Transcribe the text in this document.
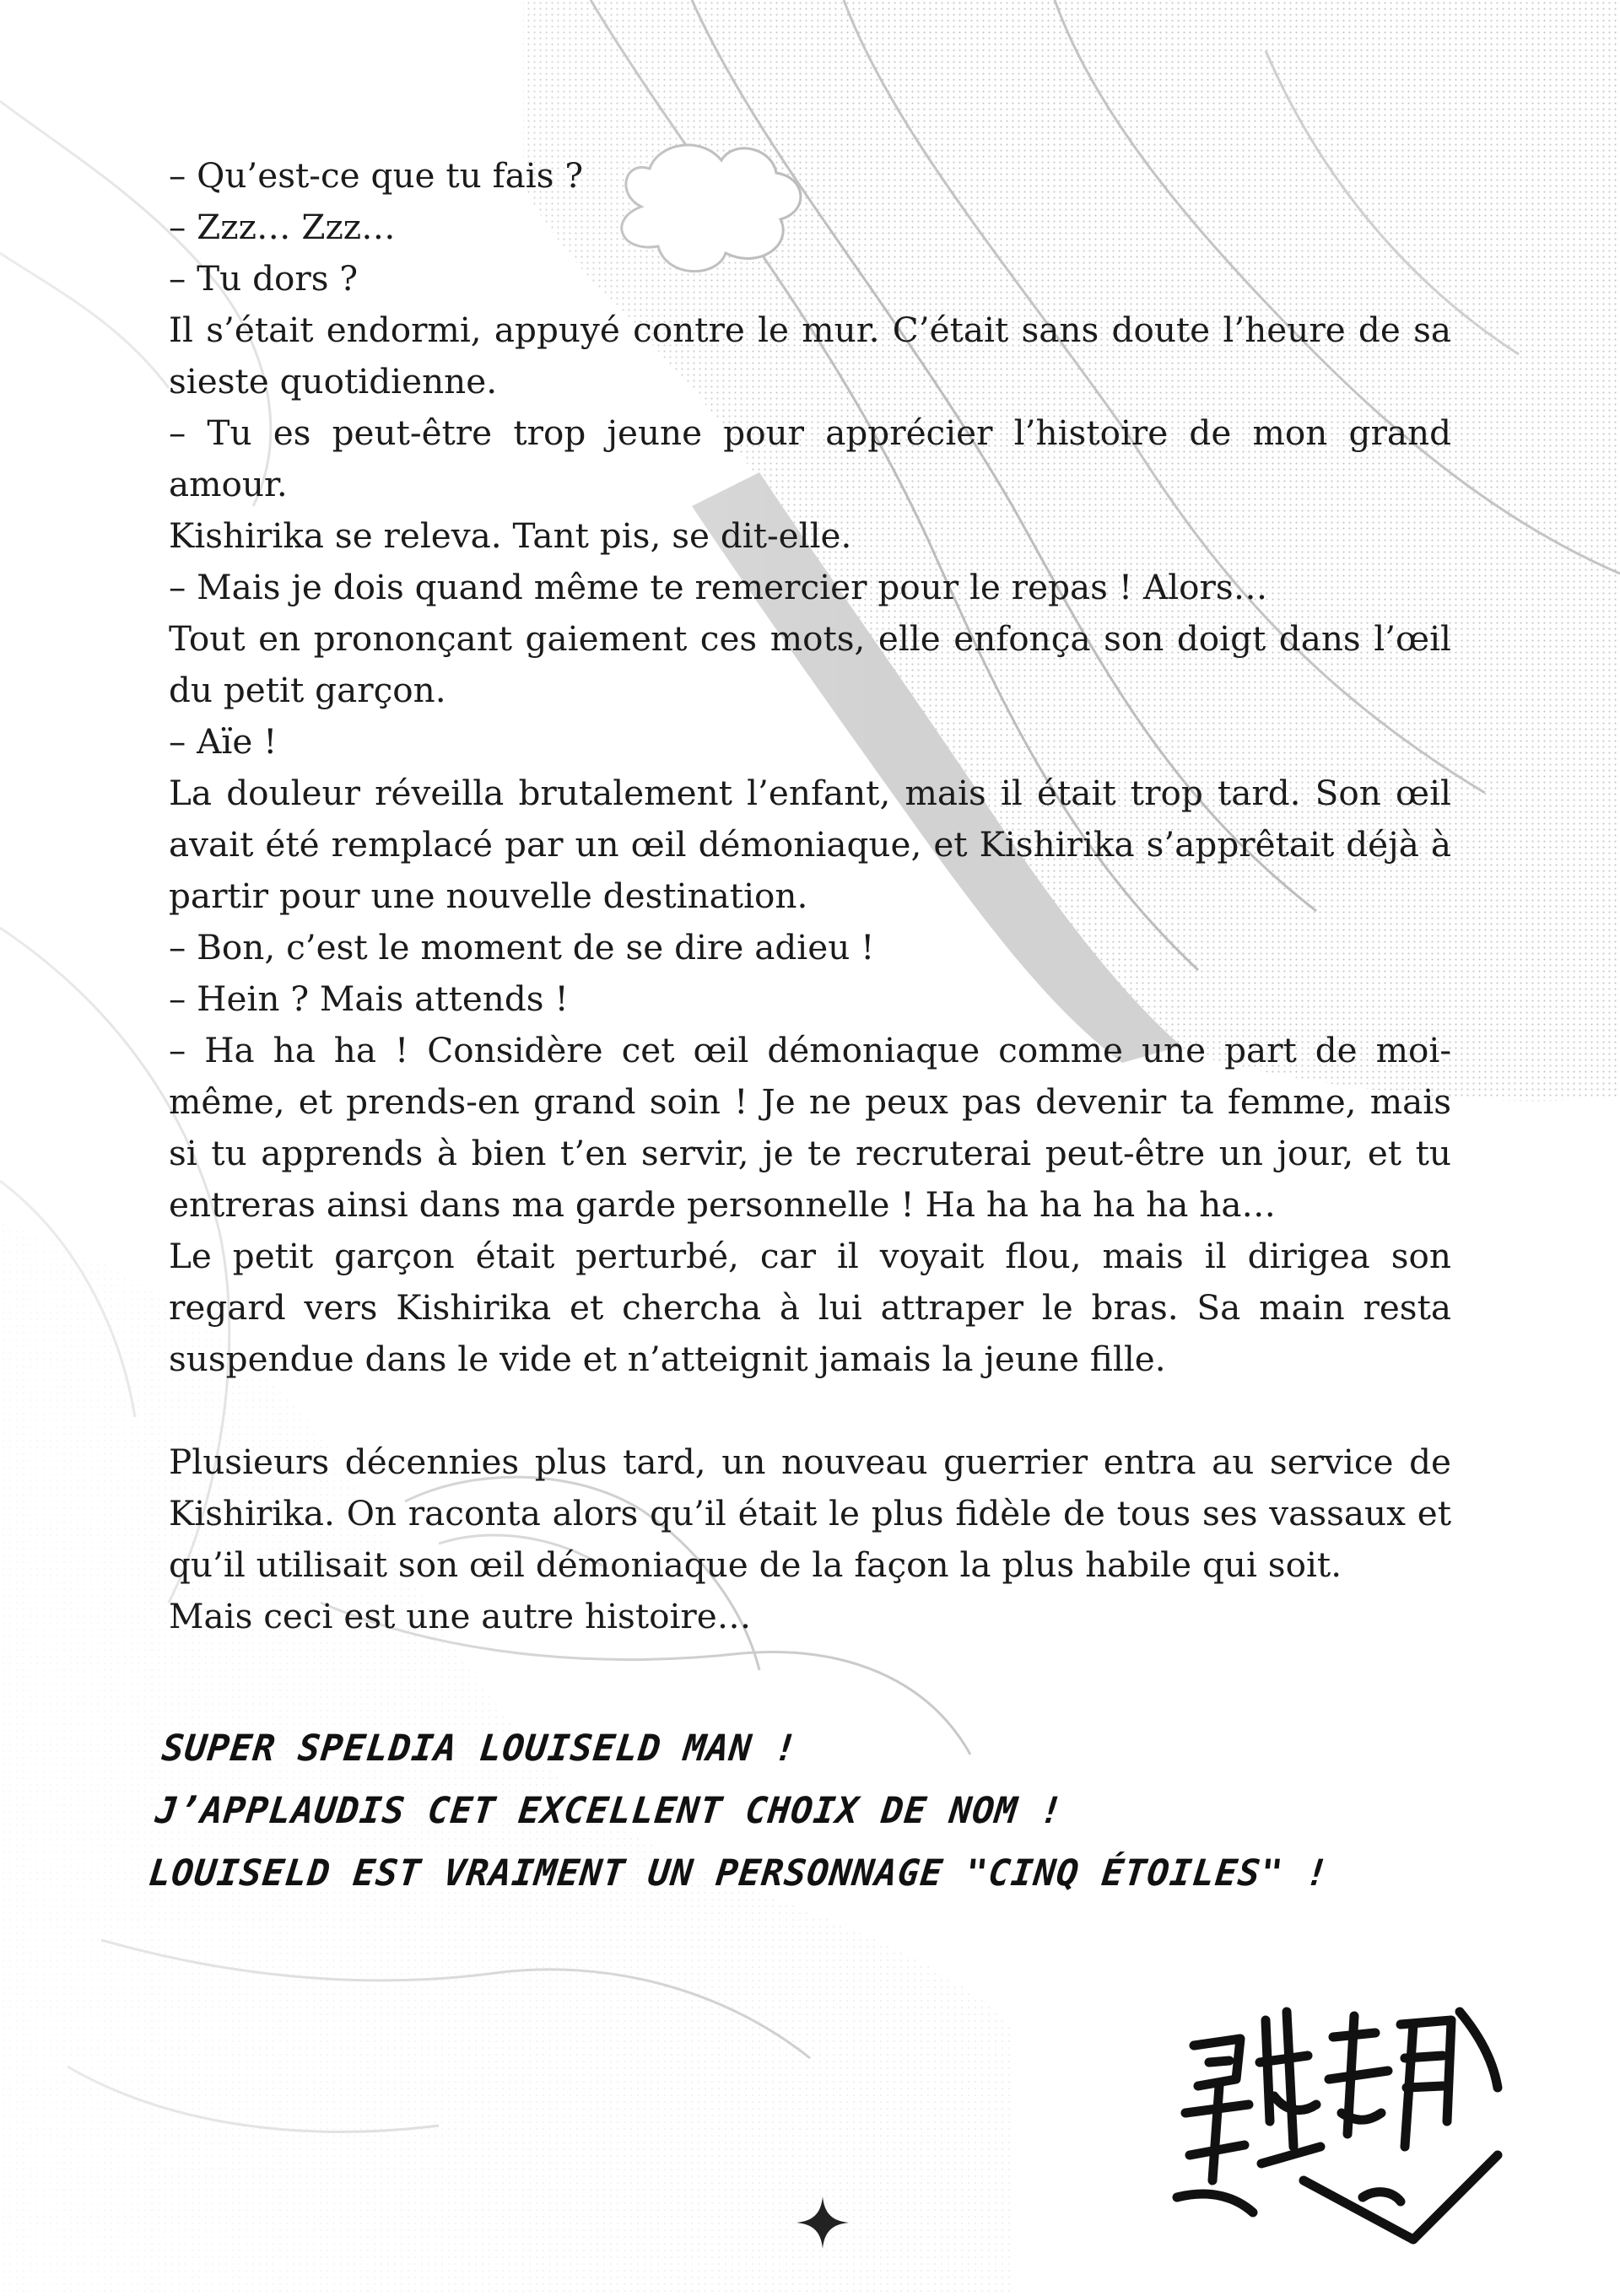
– Qu’est-ce que tu fais ?

– Zzz… Zzz…

– Tu dors ?

Il s’était endormi, appuyé contre le mur. C’était sans doute l’heure de sa sieste quotidienne.

– Tu es peut-être trop jeune pour apprécier l’histoire de mon grand amour.

Kishirika se releva. Tant pis, se dit-elle.

– Mais je dois quand même te remercier pour le repas ! Alors…

Tout en prononçant gaiement ces mots, elle enfonça son doigt dans l’œil du petit garçon.

– Aïe !

La douleur réveilla brutalement l’enfant, mais il était trop tard. Son œil avait été remplacé par un œil démoniaque, et Kishirika s’apprêtait déjà à partir pour une nouvelle destination.

– Bon, c’est le moment de se dire adieu !

– Hein ? Mais attends !

– Ha ha ha ! Considère cet œil démoniaque comme une part de moi-même, et prends-en grand soin ! Je ne peux pas devenir ta femme, mais si tu apprends à bien t’en servir, je te recruterai peut-être un jour, et tu entreras ainsi dans ma garde personnelle ! Ha ha ha ha ha ha…

Le petit garçon était perturbé, car il voyait flou, mais il dirigea son regard vers Kishirika et chercha à lui attraper le bras. Sa main resta suspendue dans le vide et n’atteignit jamais la jeune fille.

Plusieurs décennies plus tard, un nouveau guerrier entra au service de Kishirika. On raconta alors qu’il était le plus fidèle de tous ses vassaux et qu’il utilisait son œil démoniaque de la façon la plus habile qui soit.

Mais ceci est une autre histoire…

SUPER SPELDIA LOUISELD MAN !

J’APPLAUDIS CET EXCELLENT CHOIX DE NOM !

LOUISELD EST VRAIMENT UN PERSONNAGE "CINQ ÉTOILES" !
